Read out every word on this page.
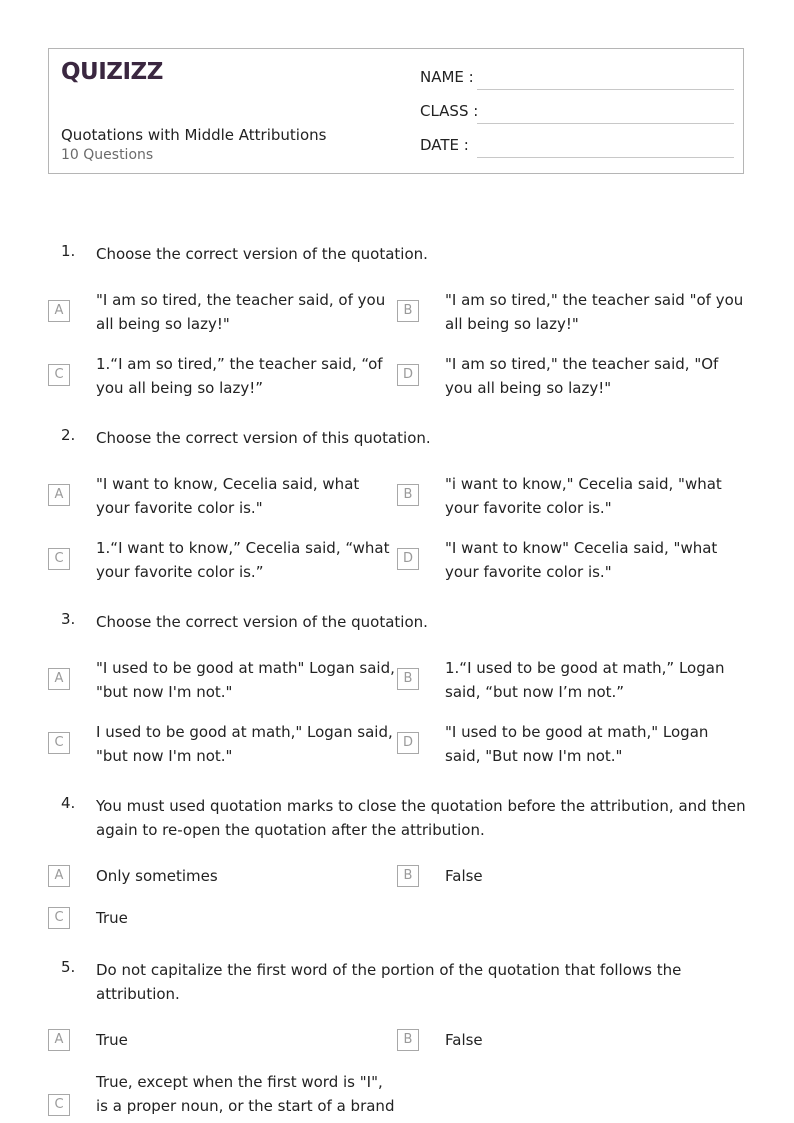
QUIZIZZ
Quotations with Middle Attributions
10 Questions
NAME :
CLASS :
DATE :
1. Choose the correct version of the quotation.
A
"I am so tired, the teacher said, of you all being so lazy!"
B
"I am so tired," the teacher said "of you all being so lazy!"
C
1.“I am so tired,” the teacher said, “of you all being so lazy!”
D
"I am so tired," the teacher said, "Of you all being so lazy!"
2. Choose the correct version of this quotation.
A
"I want to know, Cecelia said, what your favorite color is."
B
"i want to know," Cecelia said, "what your favorite color is."
C
1.“I want to know,” Cecelia said, “what your favorite color is.”
D
"I want to know" Cecelia said, "what your favorite color is."
3. Choose the correct version of the quotation.
A
"I used to be good at math" Logan said, "but now I'm not."
B
1.“I used to be good at math,” Logan said, “but now I’m not.”
C
I used to be good at math," Logan said, "but now I'm not."
D
"I used to be good at math," Logan said, "But now I'm not."
4. You must used quotation marks to close the quotation before the attribution, and then again to re-open the quotation after the attribution.
A	Only sometimes	B	False
C	True
5. Do not capitalize the first word of the portion of the quotation that follows the attribution.
A	True	B	False
C
True, except when the first word is "I", is a proper noun, or the start of a brand
